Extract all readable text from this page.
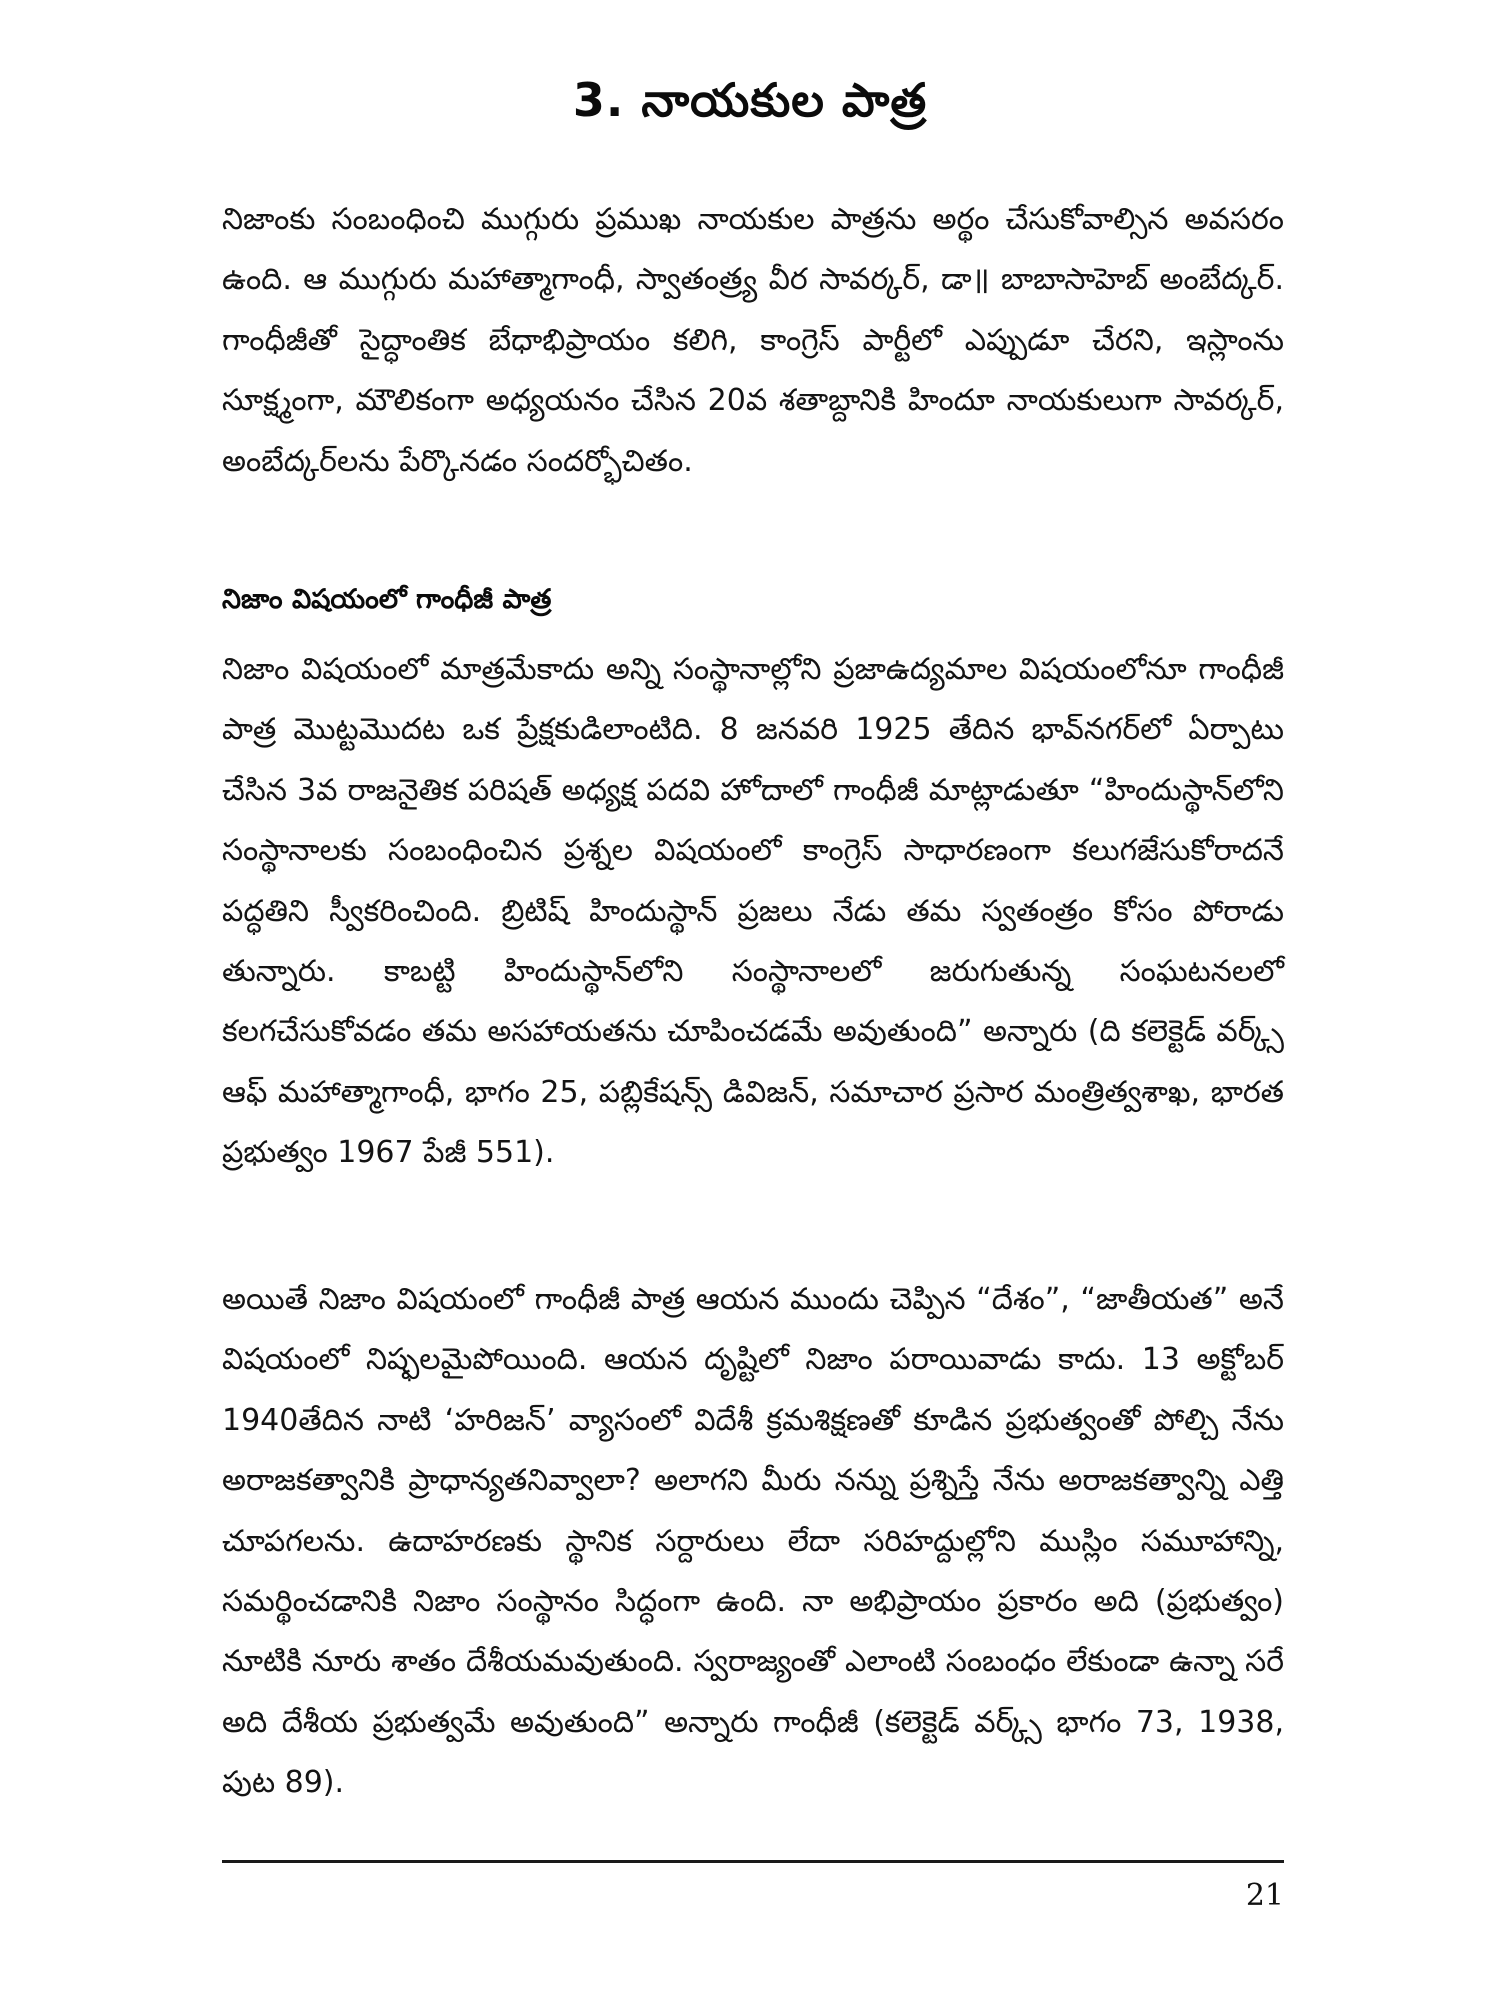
3. నాయకుల పాత్ర

నిజాంకు సంబంధించి ముగ్గురు ప్రముఖ నాయకుల పాత్రను అర్థం చేసుకోవాల్సిన అవసరం ఉంది. ఆ ముగ్గురు మహాత్మాగాంధీ, స్వాతంత్ర్య వీర సావర్కర్, డా॥ బాబాసాహెబ్ అంబేద్కర్. గాంధీజీతో సైద్ధాంతిక బేధాభిప్రాయం కలిగి, కాంగ్రెస్ పార్టీలో ఎప్పుడూ చేరని, ఇస్లాంను సూక్ష్మంగా, మౌలికంగా అధ్యయనం చేసిన 20వ శతాబ్దానికి హిందూ నాయకులుగా సావర్కర్, అంబేద్కర్‌లను పేర్కొనడం సందర్భోచితం.

నిజాం విషయంలో గాంధీజీ పాత్ర

నిజాం విషయంలో మాత్రమేకాదు అన్ని సంస్థానాల్లోని ప్రజాఉద్యమాల విషయంలోనూ గాంధీజీ పాత్ర మొట్టమొదట ఒక ప్రేక్షకుడిలాంటిది. 8 జనవరి 1925 తేదిన భావ్‌నగర్‌లో ఏర్పాటు చేసిన 3వ రాజనైతిక పరిషత్ అధ్యక్ష పదవి హోదాలో గాంధీజీ మాట్లాడుతూ “హిందుస్థాన్‌లోని సంస్థానాలకు సంబంధించిన ప్రశ్నల విషయంలో కాంగ్రెస్ సాధారణంగా కలుగజేసుకోరాదనే పద్ధతిని స్వీకరించింది. బ్రిటిష్ హిందుస్థాన్ ప్రజలు నేడు తమ స్వతంత్రం కోసం పోరాడు తున్నారు. కాబట్టి హిందుస్థాన్‌లోని సంస్థానాలలో జరుగుతున్న సంఘటనలలో కలగచేసుకోవడం తమ అసహాయతను చూపించడమే అవుతుంది” అన్నారు (ది కలెక్టెడ్ వర్క్స్ ఆఫ్ మహాత్మాగాంధీ, భాగం 25, పబ్లికేషన్స్ డివిజన్, సమాచార ప్రసార మంత్రిత్వశాఖ, భారత ప్రభుత్వం 1967 పేజీ 551).

అయితే నిజాం విషయంలో గాంధీజీ పాత్ర ఆయన ముందు చెప్పిన “దేశం”, “జాతీయత” అనే విషయంలో నిష్ఫలమైపోయింది. ఆయన దృష్టిలో నిజాం పరాయివాడు కాదు. 13 అక్టోబర్ 1940తేదిన నాటి ‘హరిజన్’ వ్యాసంలో విదేశీ క్రమశిక్షణతో కూడిన ప్రభుత్వంతో పోల్చి నేను అరాజకత్వానికి ప్రాధాన్యతనివ్వాలా? అలాగని మీరు నన్ను ప్రశ్నిస్తే నేను అరాజకత్వాన్ని ఎత్తి చూపగలను. ఉదాహరణకు స్థానిక సర్దారులు లేదా సరిహద్దుల్లోని ముస్లిం సమూహాన్ని, సమర్థించడానికి నిజాం సంస్థానం సిద్ధంగా ఉంది. నా అభిప్రాయం ప్రకారం అది (ప్రభుత్వం) నూటికి నూరు శాతం దేశీయమవుతుంది. స్వరాజ్యంతో ఎలాంటి సంబంధం లేకుండా ఉన్నా సరే అది దేశీయ ప్రభుత్వమే అవుతుంది” అన్నారు గాంధీజీ (కలెక్టెడ్ వర్క్స్ భాగం 73, 1938, పుట 89).

21
